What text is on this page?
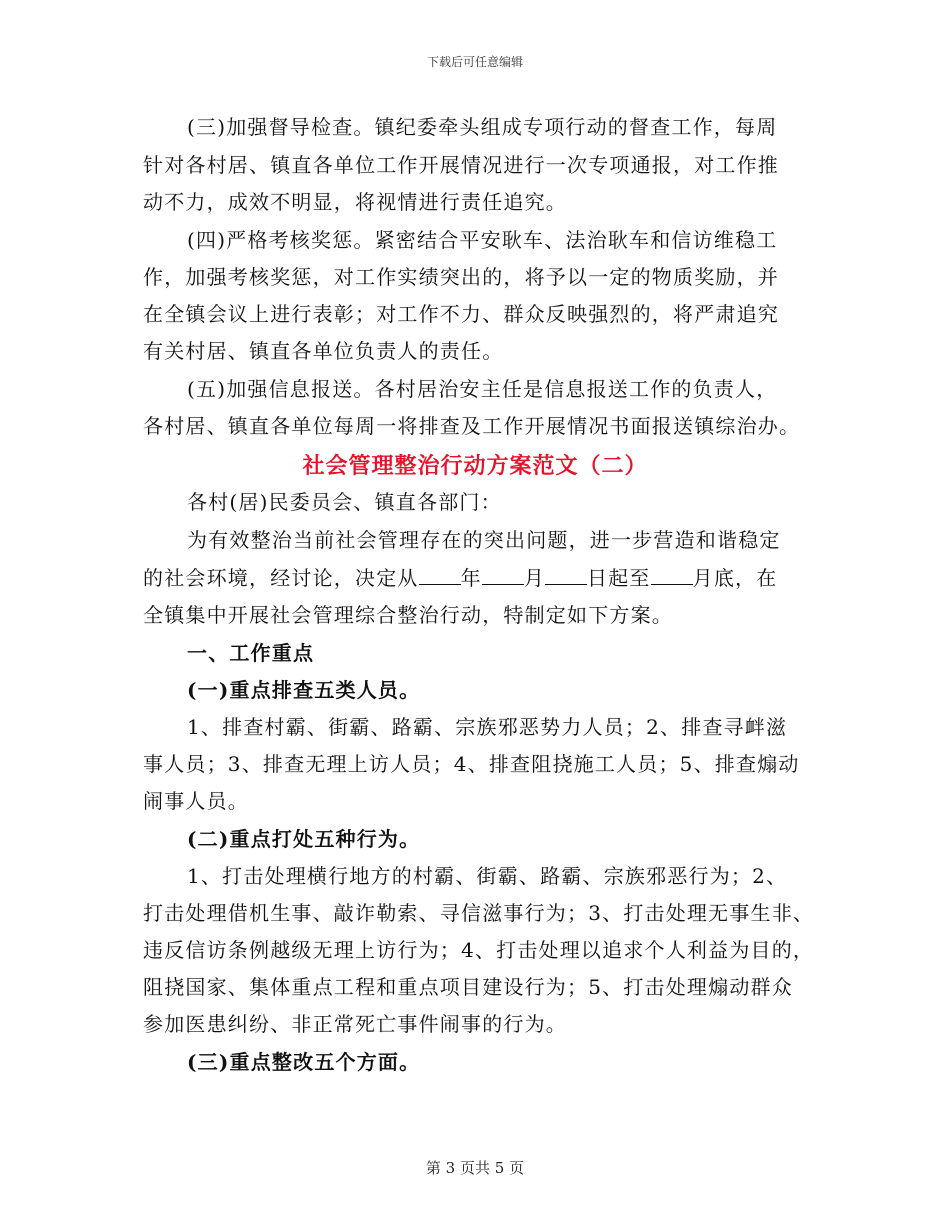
下载后可任意编辑
(三)加强督导检查。镇纪委牵头组成专项行动的督查工作，每周
针对各村居、镇直各单位工作开展情况进行一次专项通报，对工作推
动不力，成效不明显，将视情进行责任追究。
(四)严格考核奖惩。紧密结合平安耿车、法治耿车和信访维稳工
作，加强考核奖惩，对工作实绩突出的，将予以一定的物质奖励，并
在全镇会议上进行表彰；对工作不力、群众反映强烈的，将严肃追究
有关村居、镇直各单位负责人的责任。
(五)加强信息报送。各村居治安主任是信息报送工作的负责人，
各村居、镇直各单位每周一将排查及工作开展情况书面报送镇综治办。
社会管理整治行动方案范文（二）
各村(居)民委员会、镇直各部门：
为有效整治当前社会管理存在的突出问题，进一步营造和谐稳定
的社会环境，经讨论，决定从 年 月 日起至 月底，在
全镇集中开展社会管理综合整治行动，特制定如下方案。
一、工作重点
(一)重点排查五类人员。
1、排查村霸、街霸、路霸、宗族邪恶势力人员；2、排查寻衅滋
事人员；3、排查无理上访人员；4、排查阻挠施工人员；5、排查煽动
闹事人员。
(二)重点打处五种行为。
1、打击处理横行地方的村霸、街霸、路霸、宗族邪恶行为；2、
打击处理借机生事、敲诈勒索、寻信滋事行为；3、打击处理无事生非、
违反信访条例越级无理上访行为；4、打击处理以追求个人利益为目的，
阻挠国家、集体重点工程和重点项目建设行为；5、打击处理煽动群众
参加医患纠纷、非正常死亡事件闹事的行为。
(三)重点整改五个方面。
第 3 页共 5 页
